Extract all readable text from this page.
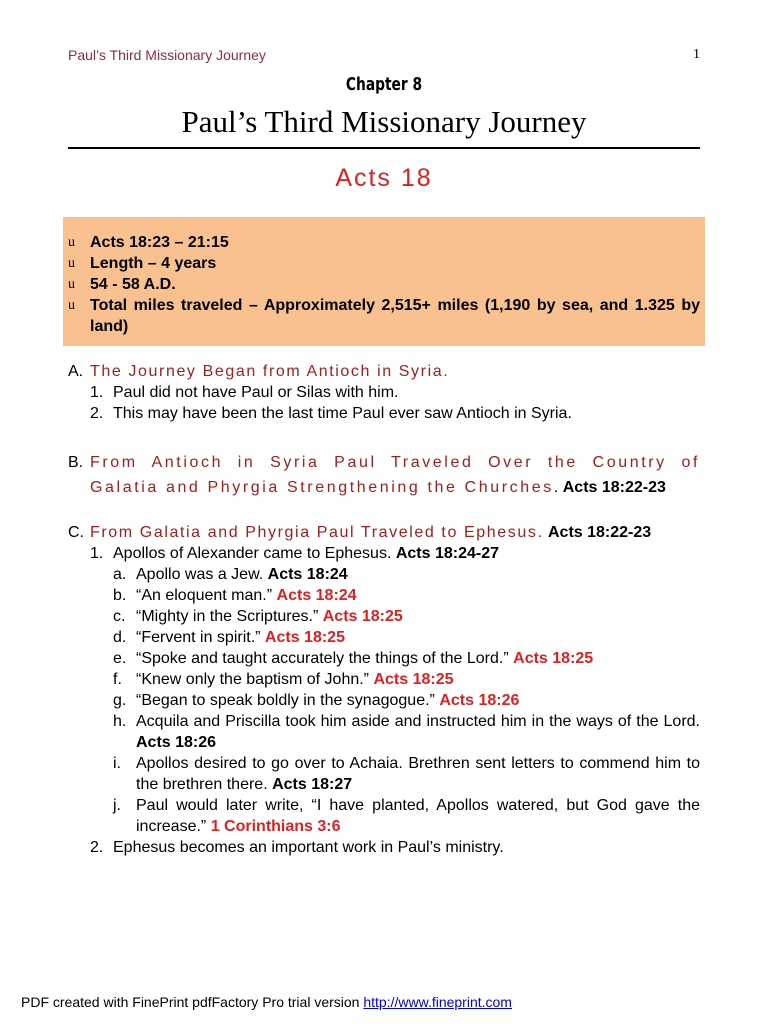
Paul’s Third Missionary Journey	1
Chapter 8
Paul’s Third Missionary Journey
Acts 18
u Acts 18:23 – 21:15
u Length – 4 years
u 54 - 58 A.D.
u Total miles traveled – Approximately 2,515+ miles (1,190 by sea, and 1.325 by land)
A. The Journey Began from Antioch in Syria.
1. Paul did not have Paul or Silas with him.
2. This may have been the last time Paul ever saw Antioch in Syria.
B. From Antioch in Syria Paul Traveled Over the Country of Galatia and Phyrgia Strengthening the Churches. Acts 18:22-23
C. From Galatia and Phyrgia Paul Traveled to Ephesus. Acts 18:22-23
1. Apollos of Alexander came to Ephesus. Acts 18:24-27
a. Apollo was a Jew. Acts 18:24
b. “An eloquent man.” Acts 18:24
c. “Mighty in the Scriptures.” Acts 18:25
d. “Fervent in spirit.” Acts 18:25
e. “Spoke and taught accurately the things of the Lord.” Acts 18:25
f. “Knew only the baptism of John.” Acts 18:25
g. “Began to speak boldly in the synagogue.” Acts 18:26
h. Acquila and Priscilla took him aside and instructed him in the ways of the Lord. Acts 18:26
i. Apollos desired to go over to Achaia. Brethren sent letters to commend him to the brethren there. Acts 18:27
j. Paul would later write, “I have planted, Apollos watered, but God gave the increase.” 1 Corinthians 3:6
2. Ephesus becomes an important work in Paul’s ministry.
PDF created with FinePrint pdfFactory Pro trial version http://www.fineprint.com
